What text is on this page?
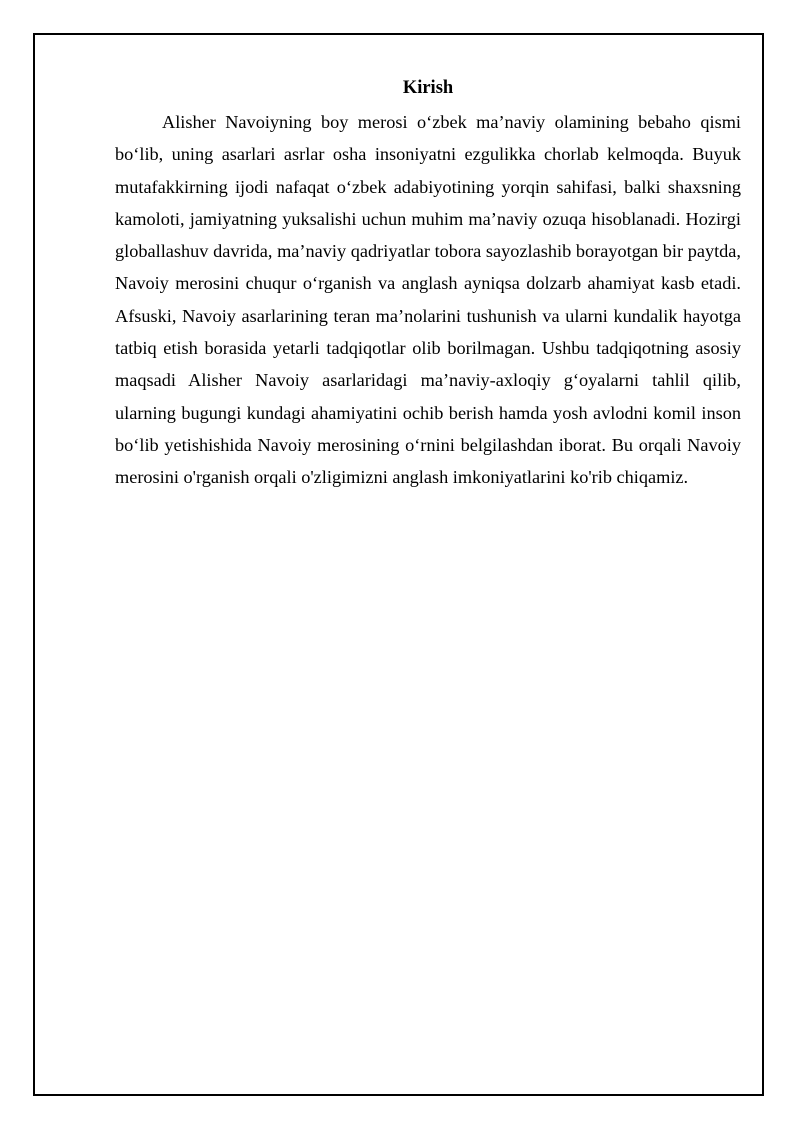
Kirish

Alisher Navoiyning boy merosi o‘zbek ma’naviy olamining bebaho qismi bo‘lib, uning asarlari asrlar osha insoniyatni ezgulikka chorlab kelmoqda. Buyuk mutafakkirning ijodi nafaqat o‘zbek adabiyotining yorqin sahifasi, balki shaxsning kamoloti, jamiyatning yuksalishi uchun muhim ma’naviy ozuqa hisoblanadi. Hozirgi globallashuv davrida, ma’naviy qadriyatlar tobora sayozlashib borayotgan bir paytda, Navoiy merosini chuqur o‘rganish va anglash ayniqsa dolzarb ahamiyat kasb etadi. Afsuski, Navoiy asarlarining teran ma’nolarini tushunish va ularni kundalik hayotga tatbiq etish borasida yetarli tadqiqotlar olib borilmagan. Ushbu tadqiqotning asosiy maqsadi Alisher Navoiy asarlaridagi ma’naviy-axloqiy g‘oyalarni tahlil qilib, ularning bugungi kundagi ahamiyatini ochib berish hamda yosh avlodni komil inson bo‘lib yetishishida Navoiy merosining o‘rnini belgilashdan iborat. Bu orqali Navoiy merosini o'rganish orqali o'zligimizni anglash imkoniyatlarini ko'rib chiqamiz.
